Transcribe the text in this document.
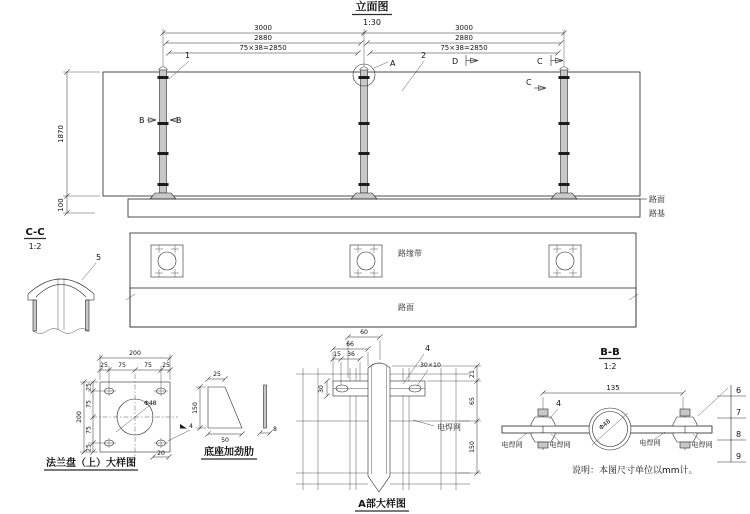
立面图
1:30
路面
路基
3000
2880
75×38=2850
3000
2880
75×38=2850
1870
100
1	2
A	D	C
C
B	B
路缘带
路面
C-C
1:2
5
Φ48
200
25 75	75 25
200
25
75
75
25
20
4
法兰盘（上）大样图
25
50
150
8
底座加劲肋
60
66
15 36
30
4
30×10
21
65
150
电焊网
A部大样图
B-B
1:2
135
Φ48
4
电焊网	电焊网	电焊网	电焊网
6
7
8
9
说明：本图尺寸单位以mm计。
